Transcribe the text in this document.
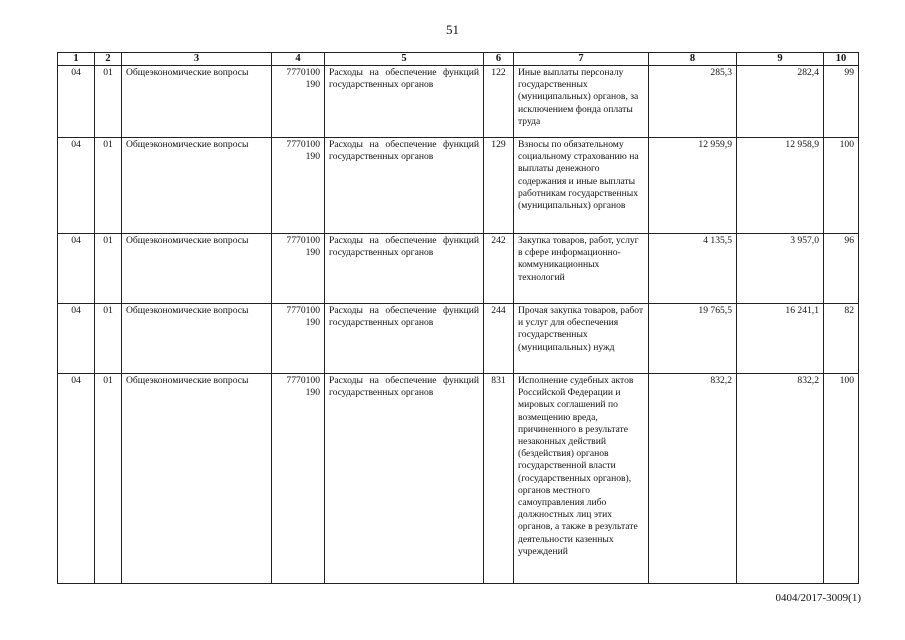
51
1	2	3	4	5	6	7	8	9	10
04	01	Общеэкономические вопросы	7770100 190	Расходы на обеспечение функций государственных органов	122	Иные выплаты персоналу государственных (муниципальных) органов, за исключением фонда оплаты труда	285,3	282,4	99
04	01	Общеэкономические вопросы	7770100 190	Расходы на обеспечение функций государственных органов	129	Взносы по обязательному социальному страхованию на выплаты денежного содержания и иные выплаты работникам государственных (муниципальных) органов	12 959,9	12 958,9	100
04	01	Общеэкономические вопросы	7770100 190	Расходы на обеспечение функций государственных органов	242	Закупка товаров, работ, услуг в сфере информационно-коммуникационных технологий	4 135,5	3 957,0	96
04	01	Общеэкономические вопросы	7770100 190	Расходы на обеспечение функций государственных органов	244	Прочая закупка товаров, работ и услуг для обеспечения государственных (муниципальных) нужд	19 765,5	16 241,1	82
04	01	Общеэкономические вопросы	7770100 190	Расходы на обеспечение функций государственных органов	831	Исполнение судебных актов Российской Федерации и мировых соглашений по возмещению вреда, причиненного в результате незаконных действий (бездействия) органов государственной власти (государственных органов), органов местного самоуправления либо должностных лиц этих органов, а также в результате деятельности казенных учреждений	832,2	832,2	100
0404/2017-3009(1)
